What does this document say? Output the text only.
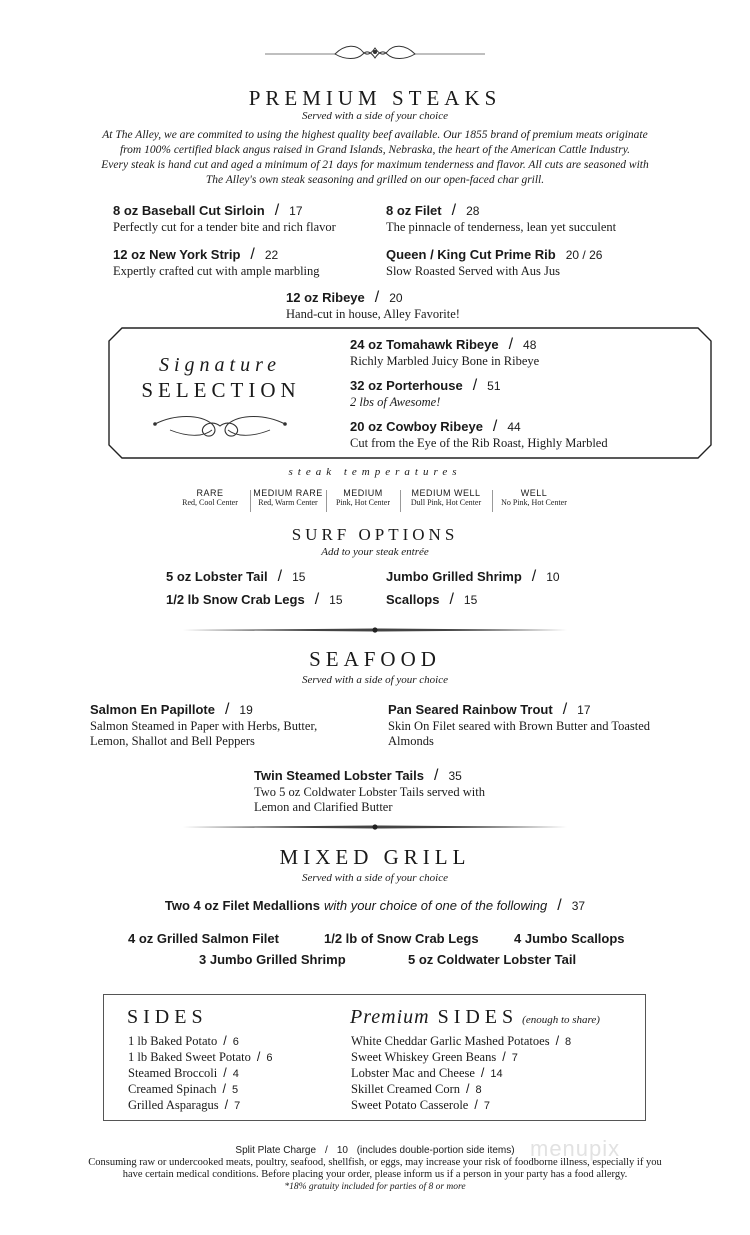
PREMIUM STEAKS
Served with a side of your choice
At The Alley, we are commited to using the highest quality beef available. Our 1855 brand of premium meats originate
from 100% certified black angus raised in Grand Islands, Nebraska, the heart of the American Cattle Industry.
Every steak is hand cut and aged a minimum of 21 days for maximum tenderness and flavor. All cuts are seasoned with
The Alley's own steak seasoning and grilled on our open-faced char grill.
8 oz Baseball Cut Sirloin / 17
Perfectly cut for a tender bite and rich flavor
8 oz Filet / 28
The pinnacle of tenderness, lean yet succulent
12 oz New York Strip / 22
Expertly crafted cut with ample marbling
Queen / King Cut Prime Rib 20 / 26
Slow Roasted Served with Aus Jus
12 oz Ribeye / 20
Hand-cut in house, Alley Favorite!
Signature
SELECTION
24 oz Tomahawk Ribeye / 48
Richly Marbled Juicy Bone in Ribeye
32 oz Porterhouse / 51
2 lbs of Awesome!
20 oz Cowboy Ribeye / 44
Cut from the Eye of the Rib Roast, Highly Marbled
steak temperatures
RARE
Red, Cool Center
MEDIUM RARE
Red, Warm Center
MEDIUM
Pink, Hot Center
MEDIUM WELL
Dull Pink, Hot Center
WELL
No Pink, Hot Center
SURF OPTIONS
Add to your steak entrée
5 oz Lobster Tail / 15	Jumbo Grilled Shrimp / 10
1/2 lb Snow Crab Legs / 15	Scallops / 15
SEAFOOD
Served with a side of your choice
Salmon En Papillote / 19
Salmon Steamed in Paper with Herbs, Butter,
Lemon, Shallot and Bell Peppers
Pan Seared Rainbow Trout / 17
Skin On Filet seared with Brown Butter and Toasted
Almonds
Twin Steamed Lobster Tails / 35
Two 5 oz Coldwater Lobster Tails served with
Lemon and Clarified Butter
MIXED GRILL
Served with a side of your choice
Two 4 oz Filet Medallions with your choice of one of the following / 37
4 oz Grilled Salmon Filet	1/2 lb of Snow Crab Legs	4 Jumbo Scallops
3 Jumbo Grilled Shrimp	5 oz Coldwater Lobster Tail
SIDES
1 lb Baked Potato / 6
1 lb Baked Sweet Potato / 6
Steamed Broccoli / 4
Creamed Spinach / 5
Grilled Asparagus / 7
Premium SIDES (enough to share)
White Cheddar Garlic Mashed Potatoes / 8
Sweet Whiskey Green Beans / 7
Lobster Mac and Cheese / 14
Skillet Creamed Corn / 8
Sweet Potato Casserole / 7
Split Plate Charge / 10 (includes double-portion side items) menupix
Consuming raw or undercooked meats, poultry, seafood, shellfish, or eggs, may increase your risk of foodborne illness, especially if you
have certain medical conditions. Before placing your order, please inform us if a person in your party has a food allergy.
*18% gratuity included for parties of 8 or more
